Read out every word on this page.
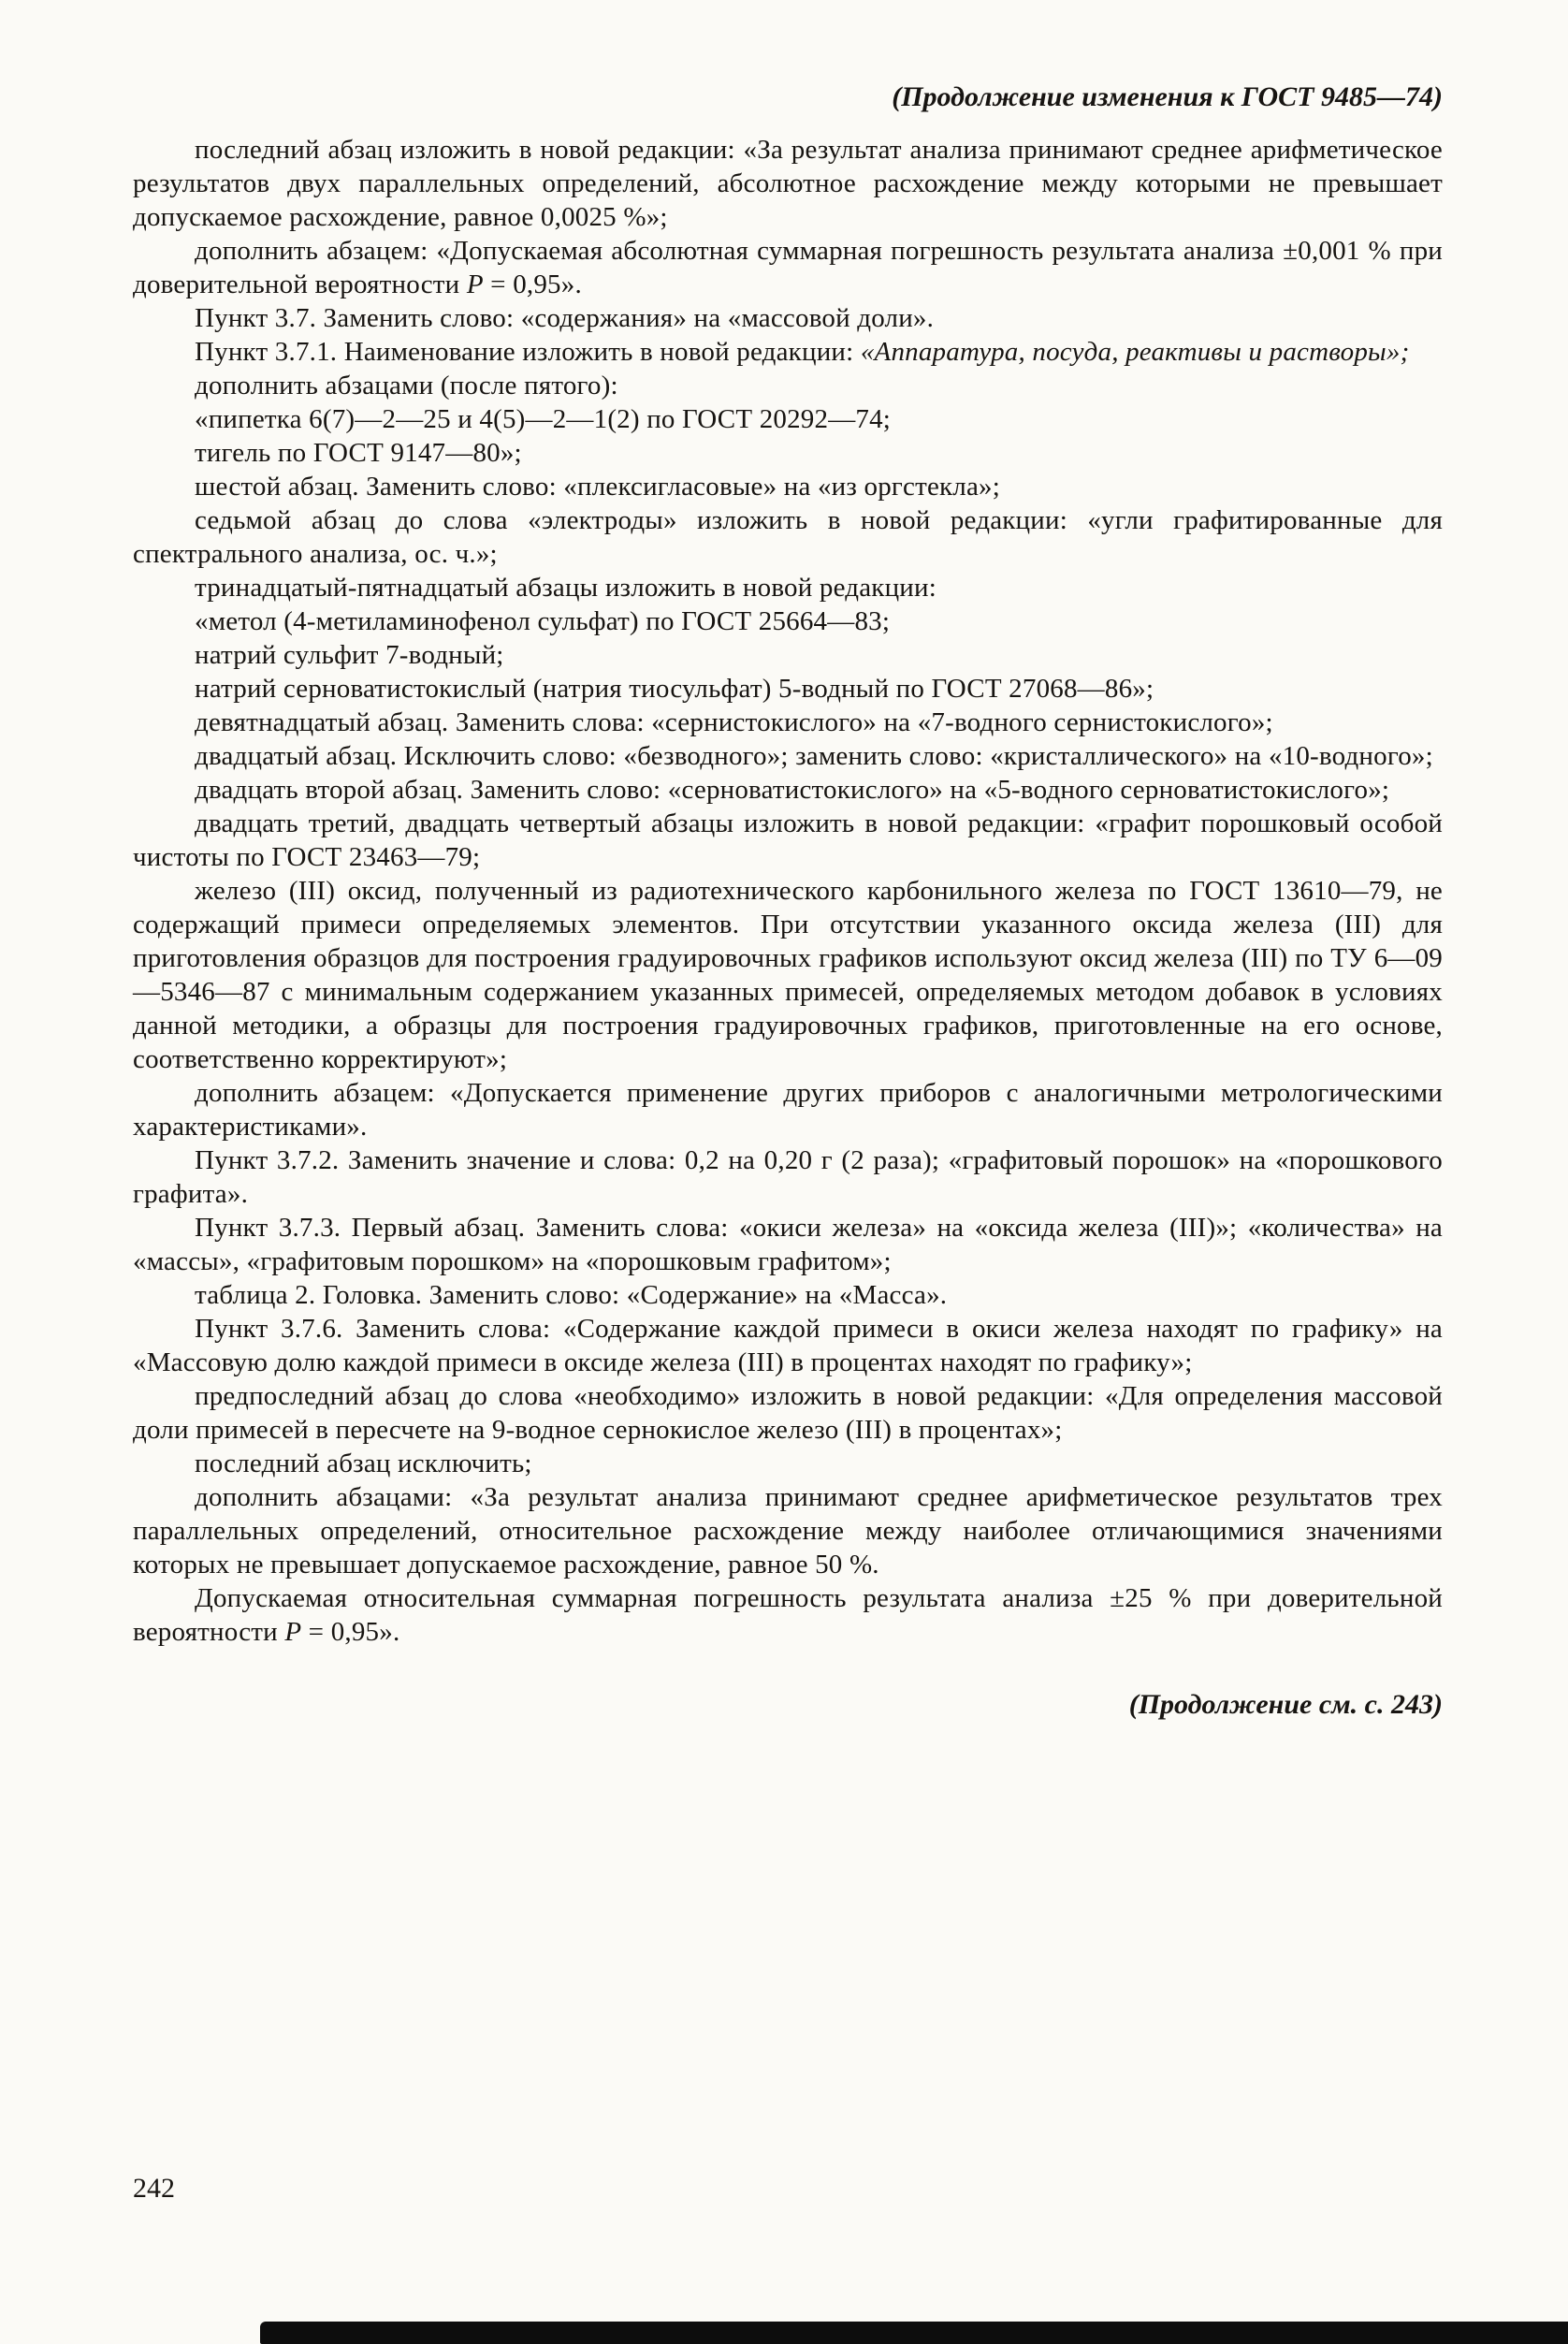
(Продолжение изменения к ГОСТ 9485—74)

последний абзац изложить в новой редакции: «За результат анализа принимают среднее арифметическое результатов двух параллельных определений, абсолютное расхождение между которыми не превышает допускаемое расхождение, равное 0,0025 %»;

дополнить абзацем: «Допускаемая абсолютная суммарная погрешность результата анализа ±0,001 % при доверительной вероятности Р = 0,95».

Пункт 3.7. Заменить слово: «содержания» на «массовой доли».

Пункт 3.7.1. Наименование изложить в новой редакции: «Аппаратура, посуда, реактивы и растворы»;

дополнить абзацами (после пятого):

«пипетка 6(7)—2—25 и 4(5)—2—1(2) по ГОСТ 20292—74;

тигель по ГОСТ 9147—80»;

шестой абзац. Заменить слово: «плексигласовые» на «из оргстекла»;

седьмой абзац до слова «электроды» изложить в новой редакции: «угли графитированные для спектрального анализа, ос. ч.»;

тринадцатый-пятнадцатый абзацы изложить в новой редакции:

«метол (4-метиламинофенол сульфат) по ГОСТ 25664—83;

натрий сульфит 7-водный;

натрий серноватистокислый (натрия тиосульфат) 5-водный по ГОСТ 27068—86»;

девятнадцатый абзац. Заменить слова: «сернистокислого» на «7-водного сернистокислого»;

двадцатый абзац. Исключить слово: «безводного»; заменить слово: «кристаллического» на «10-водного»;

двадцать второй абзац. Заменить слово: «серноватистокислого» на «5-водного серноватистокислого»;

двадцать третий, двадцать четвертый абзацы изложить в новой редакции: «графит порошковый особой чистоты по ГОСТ 23463—79;

железо (III) оксид, полученный из радиотехнического карбонильного железа по ГОСТ 13610—79, не содержащий примеси определяемых элементов. При отсутствии указанного оксида железа (III) для приготовления образцов для построения градуировочных графиков используют оксид железа (III) по ТУ 6—09—5346—87 с минимальным содержанием указанных примесей, определяемых методом добавок в условиях данной методики, а образцы для построения градуировочных графиков, приготовленные на его основе, соответственно корректируют»;

дополнить абзацем: «Допускается применение других приборов с аналогичными метрологическими характеристиками».

Пункт 3.7.2. Заменить значение и слова: 0,2 на 0,20 г (2 раза); «графитовый порошок» на «порошкового графита».

Пункт 3.7.3. Первый абзац. Заменить слова: «окиси железа» на «оксида железа (III)»; «количества» на «массы», «графитовым порошком» на «порошковым графитом»;

таблица 2. Головка. Заменить слово: «Содержание» на «Масса».

Пункт 3.7.6. Заменить слова: «Содержание каждой примеси в окиси железа находят по графику» на «Массовую долю каждой примеси в оксиде железа (III) в процентах находят по графику»;

предпоследний абзац до слова «необходимо» изложить в новой редакции: «Для определения массовой доли примесей в пересчете на 9-водное сернокислое железо (III) в процентах»;

последний абзац исключить;

дополнить абзацами: «За результат анализа принимают среднее арифметическое результатов трех параллельных определений, относительное расхождение между наиболее отличающимися значениями которых не превышает допускаемое расхождение, равное 50 %.

Допускаемая относительная суммарная погрешность результата анализа ±25 % при доверительной вероятности Р = 0,95».

(Продолжение см. с. 243)
242
